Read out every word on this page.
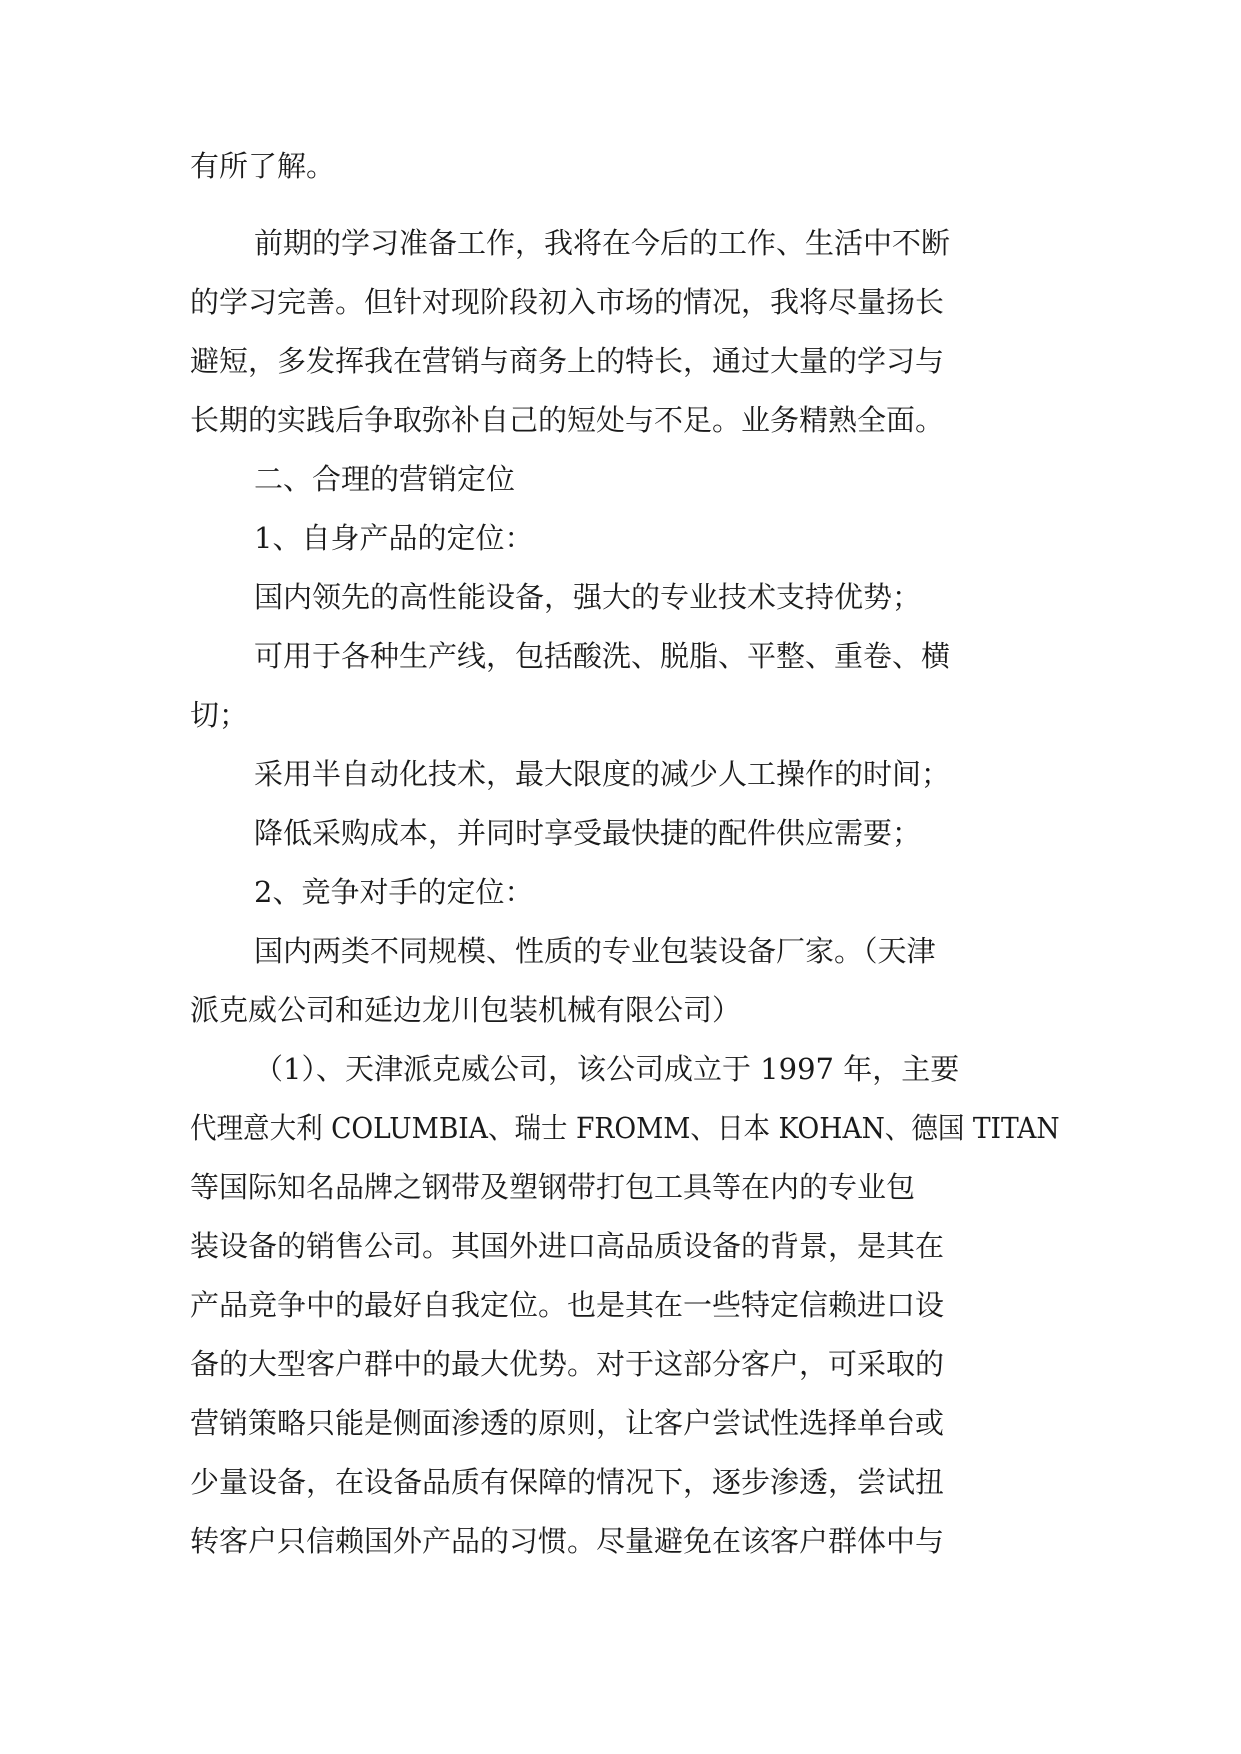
有所了解。
前期的学习准备工作，我将在今后的工作、生活中不断
的学习完善。但针对现阶段初入市场的情况，我将尽量扬长
避短，多发挥我在营销与商务上的特长，通过大量的学习与
长期的实践后争取弥补自己的短处与不足。业务精熟全面。
二、合理的营销定位
1、自身产品的定位：
国内领先的高性能设备，强大的专业技术支持优势；
可用于各种生产线，包括酸洗、脱脂、平整、重卷、横
切；
采用半自动化技术，最大限度的减少人工操作的时间；
降低采购成本，并同时享受最快捷的配件供应需要；
2、竞争对手的定位：
国内两类不同规模、性质的专业包装设备厂家。（天津
派克威公司和延边龙川包装机械有限公司）
（1）、天津派克威公司，该公司成立于 1997 年，主要
代理意大利 COLUMBIA、瑞士 FROMM、日本 KOHAN、德国 TITAN
等国际知名品牌之钢带及塑钢带打包工具等在内的专业包
装设备的销售公司。其国外进口高品质设备的背景，是其在
产品竞争中的最好自我定位。也是其在一些特定信赖进口设
备的大型客户群中的最大优势。对于这部分客户，可采取的
营销策略只能是侧面渗透的原则，让客户尝试性选择单台或
少量设备，在设备品质有保障的情况下，逐步渗透，尝试扭
转客户只信赖国外产品的习惯。尽量避免在该客户群体中与
